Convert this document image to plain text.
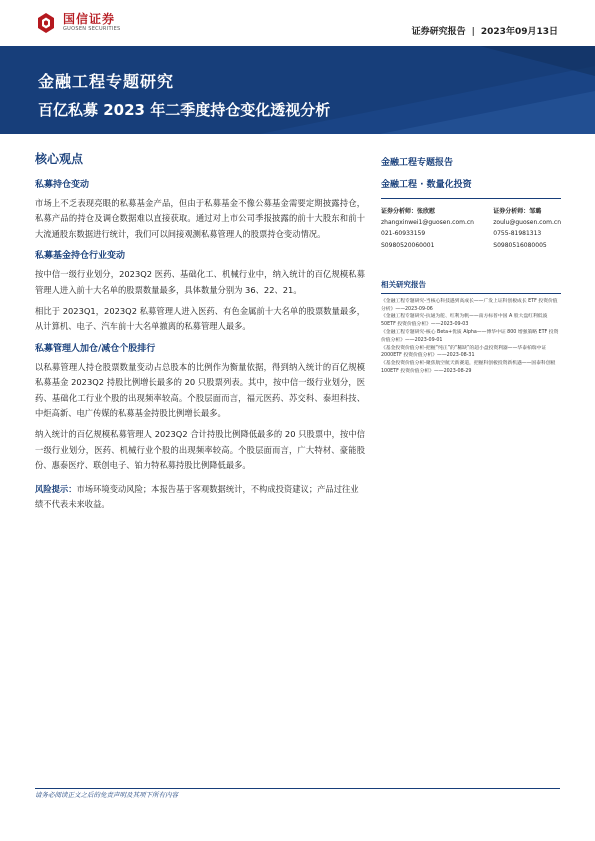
国信证券
GUOSEN SECURITIES	证券研究报告 | 2023年09月13日
金融工程专题研究
百亿私募 2023 年二季度持仓变化透视分析
核心观点
私募持仓变动
市场上不乏表现亮眼的私募基金产品，但由于私募基金不像公募基金需要定期披露持仓，私募产品的持仓及调仓数据难以直接获取。通过对上市公司季报披露的前十大股东和前十大流通股东数据进行统计，我们可以间接观测私募管理人的股票持仓变动情况。
私募基金持仓行业变动
按中信一级行业划分，2023Q2 医药、基础化工、机械行业中，纳入统计的百亿规模私募管理人进入前十大名单的股票数量最多，具体数量分别为 36、22、21。
相比于 2023Q1，2023Q2 私募管理人进入医药、有色金属前十大名单的股票数量最多，从计算机、电子、汽车前十大名单撤离的私募管理人最多。
私募管理人加仓/减仓个股排行
以私募管理人持仓股票数量变动占总股本的比例作为衡量依据，得到纳入统计的百亿规模私募基金 2023Q2 持股比例增长最多的 20 只股票列表。其中，按中信一级行业划分，医药、基础化工行业个股的出现频率较高。个股层面而言，福元医药、苏交科、泰坦科技、中炬高新、电广传媒的私募基金持股比例增长最多。
纳入统计的百亿规模私募管理人 2023Q2 合计持股比例降低最多的 20 只股票中，按中信一级行业划分，医药、机械行业个股的出现频率较高。个股层面而言，广大特材、豪能股份、惠泰医疗、联创电子、铂力特私募持股比例降低最多。
风险提示：市场环境变动风险；本报告基于客观数据统计，不构成投资建议；产品过往业绩不代表未来收益。
金融工程专题报告
金融工程 · 数量化投资
证券分析师：张欣慰
zhangxinwei1@guosen.com.cn
021-60933159
S0980520060001
证券分析师：邹璐
zoulu@guosen.com.cn
0755-81981313
S0980516080005
相关研究报告
《金融工程专题研究-当核心科技遇到高成长——广发上证科创板成长 ETF 投资价值分析》——2023-09-06
《金融工程专题研究-抗通为舵、红利为帆——南方标普中国 A 股大盘红利低波 50ETF 投资价值分析》——2023-09-03
《金融工程专题研究-核心 Beta+优质 Alpha——博华中证 800 增强策略 ETF 投资价值分析》——2023-09-01
《基金投资价值分析-把握“纯正”的“稀缺”的超小盘投资利器——华泰柏瑞中证 2000ETF 投资价值分析》——2023-08-31
《基金投资价值分析-聚焦航空航天新赛道，把握科创板投资新机遇——国泰科创板 100ETF 投资价值分析》——2023-08-29
请务必阅读正文之后的免责声明及其项下所有内容
